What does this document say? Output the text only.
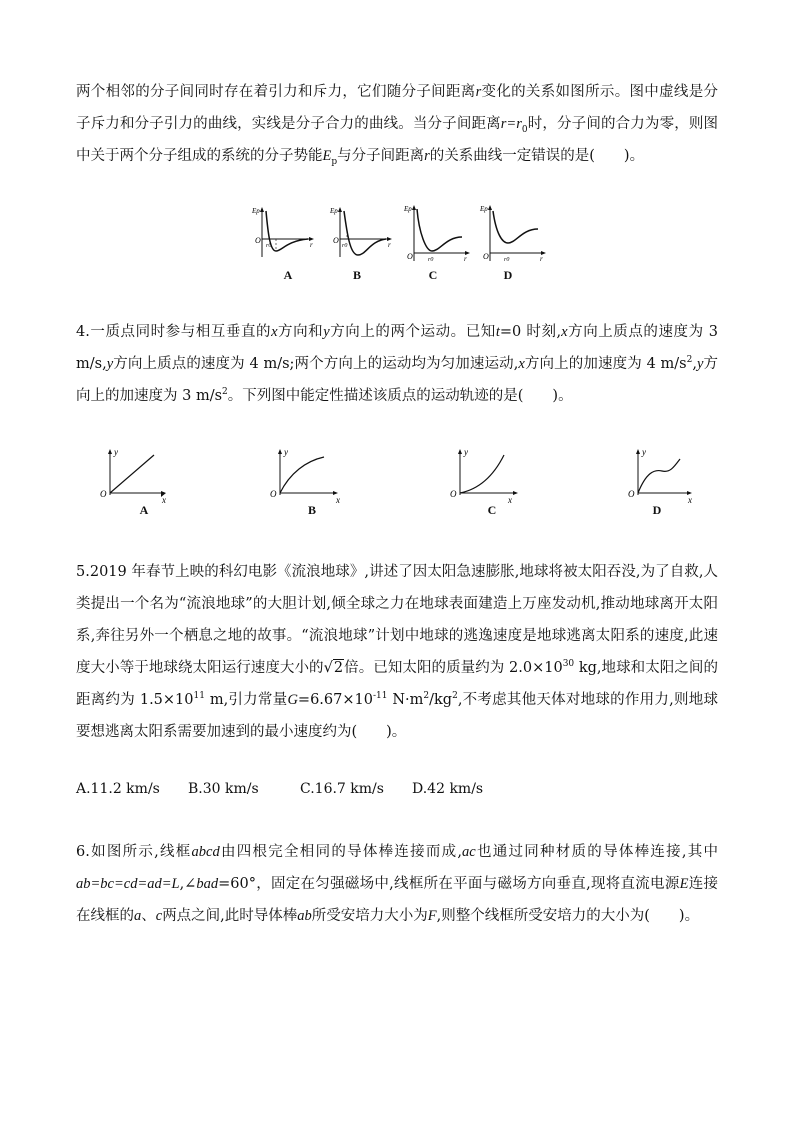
两个相邻的分子间同时存在着引力和斥力，它们随分子间距离r变化的关系如图所示。图中虚线是分子斥力和分子引力的曲线，实线是分子合力的曲线。当分子间距离$r=r_0$时，分子间的合力为零，则图中关于两个分子组成的系统的分子势能$E_p$与分子间距离r的关系曲线一定错误的是(　　)。

Ep
O	r
r0
Ep
O	r
r0
Ep
O	r
r0
Ep
O	r
r0
A	B	C	D

4.一质点同时参与相互垂直的x方向和y方向上的两个运动。已知t=0 时刻,x方向上质点的速度为 3 m/s,y方向上质点的速度为 4 m/s;两个方向上的运动均为匀加速运动,x方向上的加速度为 4 $m/s^2,y$方向上的加速度为 3 $m/s^2$。下列图中能定性描述该质点的运动轨迹的是(　　)。

y
O
x
y
O
x
y
O
x
y
O
x
A	B	C	D

5.2019 年春节上映的科幻电影《流浪地球》,讲述了因太阳急速膨胀,地球将被太阳吞没,为了自救,人类提出一个名为“流浪地球”的大胆计划,倾全球之力在地球表面建造上万座发动机,推动地球离开太阳系,奔往另外一个栖息之地的故事。“流浪地球”计划中地球的逃逸速度是地球逃离太阳系的速度,此速度大小等于地球绕太阳运行速度大小的√2倍。已知太阳的质量约为 $2.0\times 10^{30}$ kg,地球和太阳之间的距离约为 $1.5\times 10^{11}$ m,引力常量$G=6.67\times 10^{-11}$ $N\cdot m^2/kg^2$,不考虑其他天体对地球的作用力,则地球要想逃离太阳系需要加速到的最小速度约为(　　)。

A.11.2 km/s B.30 km/s	C.16.7 km/s D.42 km/s

6.如图所示,线框abcd由四根完全相同的导体棒连接而成,ac也通过同种材质的导体棒连接,其中ab=bc=cd=ad=L,∠bad=60°，固定在匀强磁场中,线框所在平面与磁场方向垂直,现将直流电源E连接在线框的a、c两点之间,此时导体棒ab所受安培力大小为F,则整个线框所受安培力的大小为(　　)。
